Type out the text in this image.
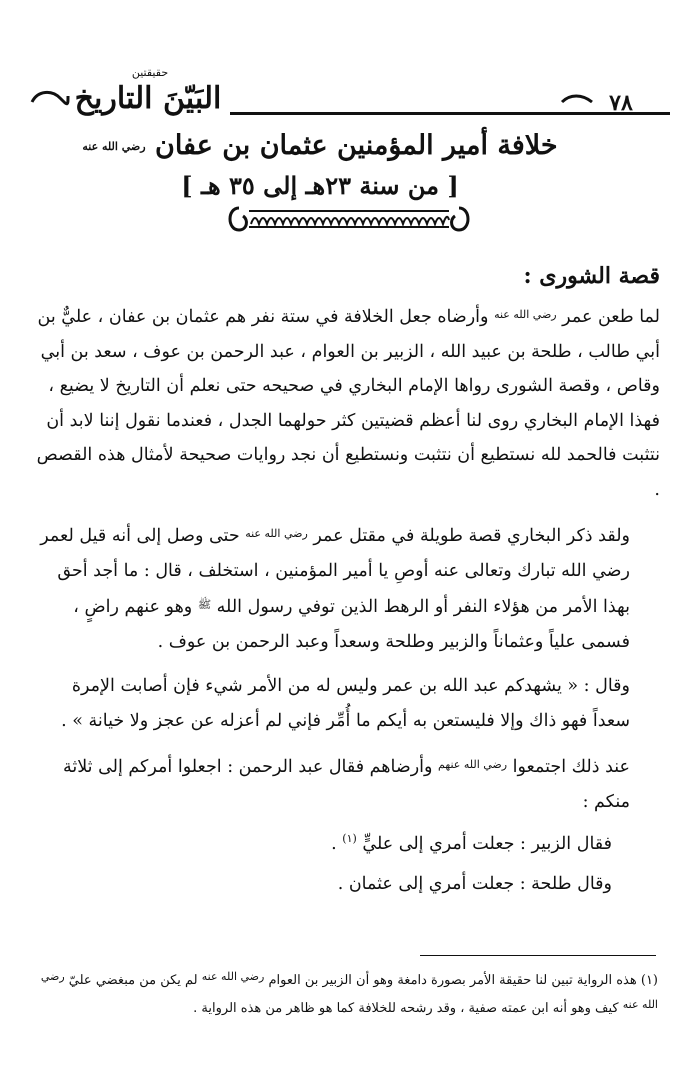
حقيقتين
البَيّنَ التاريخ	٧٨
خلافة أمير المؤمنين عثمان بن عفان رضي الله عنه
[ من سنة ٢٣هـ إلى ٣٥ هـ ]
قصة الشورى :

لما طعن عمر $^{رضي الله عنه}$ وأرضاه جعل الخلافة في ستة نفر هم عثمان بن عفان ، عليٌّ بن أبي طالب ، طلحة بن عبيد الله ، الزبير بن العوام ، عبد الرحمن بن عوف ، سعد بن أبي وقاص ، وقصة الشورى رواها الإمام البخاري في صحيحه حتى نعلم أن التاريخ لا يضيع ، فهذا الإمام البخاري روى لنا أعظم قضيتين كثر حولهما الجدل ، فعندما نقول إننا لابد أن نتثبت فالحمد لله نستطيع أن نتثبت ونستطيع أن نجد روايات صحيحة لأمثال هذه القصص .

ولقد ذكر البخاري قصة طويلة في مقتل عمر $^{رضي الله عنه}$ حتى وصل إلى أنه قيل لعمر رضي الله تبارك وتعالى عنه أوصِ يا أمير المؤمنين ، استخلف ، قال : ما أجد أحق بهذا الأمر من هؤلاء النفر أو الرهط الذين توفي رسول الله $^ﷺ$ وهو عنهم راضٍ ، فسمى علياً وعثماناً والزبير وطلحة وسعداً وعبد الرحمن بن عوف .

وقال : « يشهدكم عبد الله بن عمر وليس له من الأمر شيء فإن أصابت الإمرة سعداً فهو ذاك وإلا فليستعن به أيكم ما أُمِّر فإني لم أعزله عن عجز ولا خيانة » .

عند ذلك اجتمعوا $^{رضي الله عنهم}$ وأرضاهم فقال عبد الرحمن : اجعلوا أمركم إلى ثلاثة منكم :

فقال الزبير : جعلت أمري إلى عليٍّ $^{(١)}$ .

وقال طلحة : جعلت أمري إلى عثمان .

(١) هذه الرواية تبين لنا حقيقة الأمر بصورة دامغة وهو أن الزبير بن العوام $^{رضي الله عنه}$ لم يكن من مبغضي عليّ $^{رضي الله عنه}$ كيف وهو أنه ابن عمته صفية ، وقد رشحه للخلافة كما هو ظاهر من هذه الرواية .
